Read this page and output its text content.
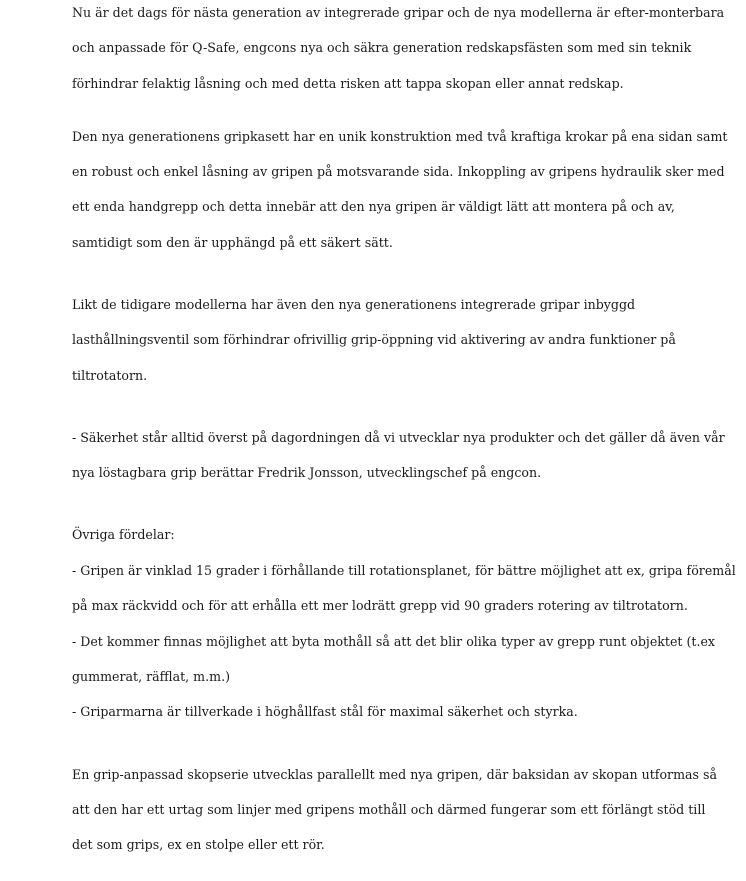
Nu är det dags för nästa generation av integrerade gripar och de nya modellerna är efter-monterbara

och anpassade för Q-Safe, engcons nya och säkra generation redskapsfästen som med sin teknik

förhindrar felaktig låsning och med detta risken att tappa skopan eller annat redskap.

Den nya generationens gripkasett har en unik konstruktion med två kraftiga krokar på ena sidan samt

en robust och enkel låsning av gripen på motsvarande sida. Inkoppling av gripens hydraulik sker med

ett enda handgrepp och detta innebär att den nya gripen är väldigt lätt att montera på och av,

samtidigt som den är upphängd på ett säkert sätt.

Likt de tidigare modellerna har även den nya generationens integrerade gripar inbyggd

lasthållningsventil som förhindrar ofrivillig grip-öppning vid aktivering av andra funktioner på

tiltrotatorn.

- Säkerhet står alltid överst på dagordningen då vi utvecklar nya produkter och det gäller då även vår

nya löstagbara grip berättar Fredrik Jonsson, utvecklingschef på engcon.

Övriga fördelar:

- Gripen är vinklad 15 grader i förhållande till rotationsplanet, för bättre möjlighet att ex, gripa föremål

på max räckvidd och för att erhålla ett mer lodrätt grepp vid 90 graders rotering av tiltrotatorn.

- Det kommer finnas möjlighet att byta mothåll så att det blir olika typer av grepp runt objektet (t.ex

gummerat, räfflat, m.m.)

- Griparmarna är tillverkade i höghållfast stål för maximal säkerhet och styrka.

En grip-anpassad skopserie utvecklas parallellt med nya gripen, där baksidan av skopan utformas så

att den har ett urtag som linjer med gripens mothåll och därmed fungerar som ett förlängt stöd till

det som grips, ex en stolpe eller ett rör.
